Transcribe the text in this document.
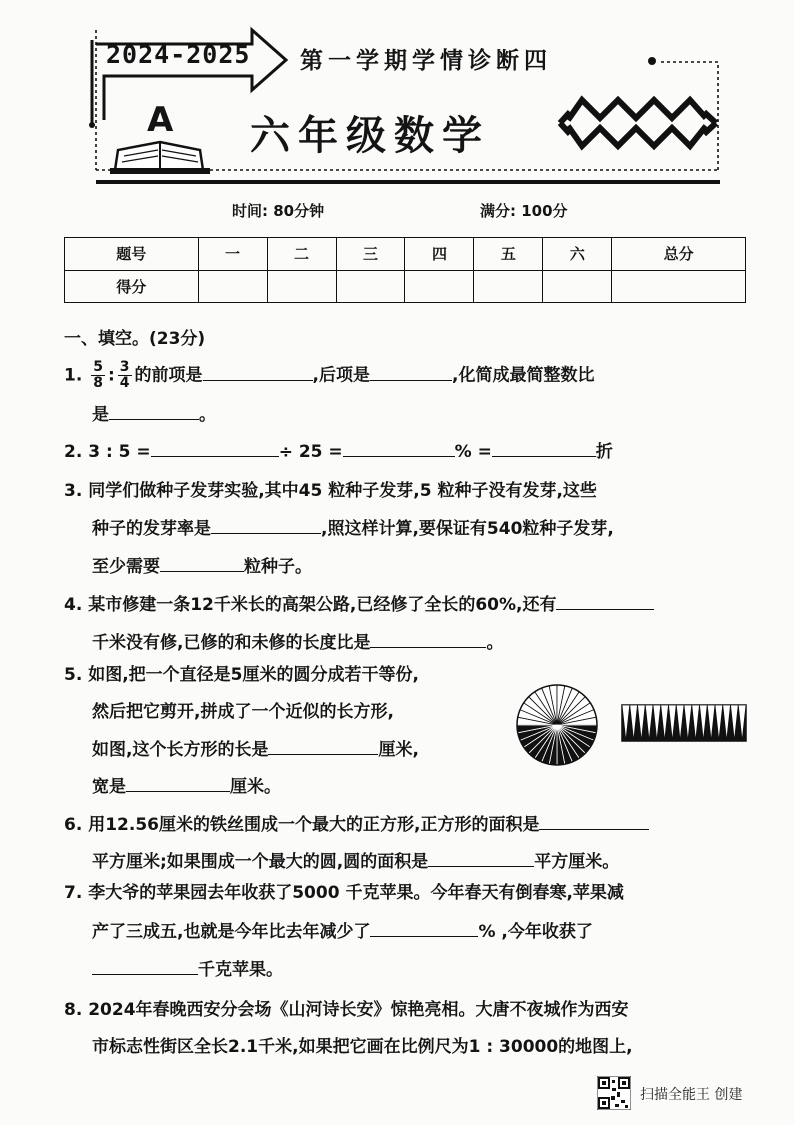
2024-2025 第一学期学情诊断四
A 六年级数学
时间: 80分钟	满分: 100分
题号	一	二	三	四	五	六	总分
得分							
一、填空。(23分)
1. $\frac{5}{8}$ : $\frac{3}{4}$ 的前项是	,后项是	,化简成最简整数比
是	。
2. 3 : 5 =	÷ 25 =	% =	折
3. 同学们做种子发芽实验,其中45 粒种子发芽,5 粒种子没有发芽,这些
种子的发芽率是	,照这样计算,要保证有540粒种子发芽,
至少需要	粒种子。
4. 某市修建一条12千米长的高架公路,已经修了全长的60%,还有
千米没有修,已修的和未修的长度比是	。
5. 如图,把一个直径是5厘米的圆分成若干等份,
然后把它剪开,拼成了一个近似的长方形,
如图,这个长方形的长是	厘米,
宽是	厘米。
6. 用12.56厘米的铁丝围成一个最大的正方形,正方形的面积是
平方厘米;如果围成一个最大的圆,圆的面积是	平方厘米。
7. 李大爷的苹果园去年收获了5000 千克苹果。今年春天有倒春寒,苹果减
产了三成五,也就是今年比去年减少了	% ,今年收获了
千克苹果。
8. 2024年春晚西安分会场《山河诗长安》惊艳亮相。大唐不夜城作为西安
市标志性街区全长2.1千米,如果把它画在比例尺为1 : 30000的地图上,
扫描全能王 创建
